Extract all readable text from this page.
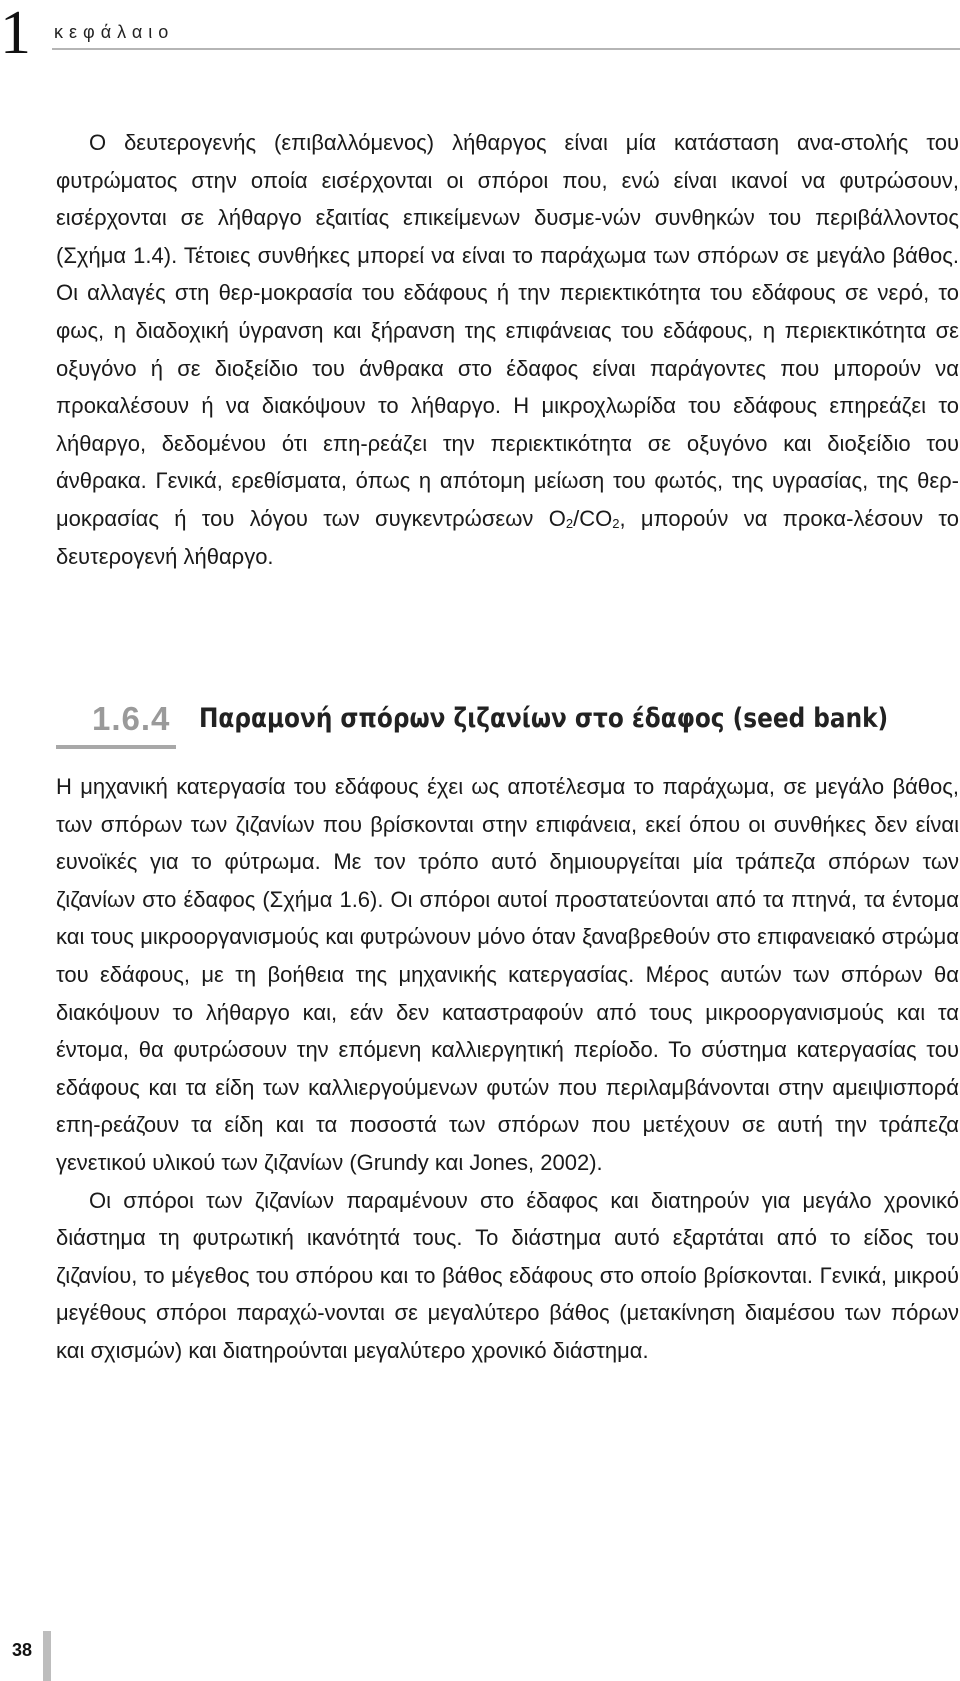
1 κεφάλαιο

Ο δευτερογενής (επιβαλλόμενος) λήθαργος είναι μία κατάσταση ανα-στολής του φυτρώματος στην οποία εισέρχονται οι σπόροι που, ενώ είναι ικανοί να φυτρώσουν, εισέρχονται σε λήθαργο εξαιτίας επικείμενων δυσμε-νών συνθηκών του περιβάλλοντος (Σχήμα 1.4). Τέτοιες συνθήκες μπορεί να είναι το παράχωμα των σπόρων σε μεγάλο βάθος. Οι αλλαγές στη θερ-μοκρασία του εδάφους ή την περιεκτικότητα του εδάφους σε νερό, το φως, η διαδοχική ύγρανση και ξήρανση της επιφάνειας του εδάφους, η περιεκτικότητα σε οξυγόνο ή σε διοξείδιο του άνθρακα στο έδαφος είναι παράγοντες που μπορούν να προκαλέσουν ή να διακόψουν το λήθαργο. Η μικροχλωρίδα του εδάφους επηρεάζει το λήθαργο, δεδομένου ότι επη-ρεάζει την περιεκτικότητα σε οξυγόνο και διοξείδιο του άνθρακα. Γενικά, ερεθίσματα, όπως η απότομη μείωση του φωτός, της υγρασίας, της θερ-μοκρασίας ή του λόγου των συγκεντρώσεων $O_2/CO_2$, μπορούν να προκα-λέσουν το δευτερογενή λήθαργο.

1.6.4 Παραμονή σπόρων ζιζανίων στο έδαφος (seed bank)

Η μηχανική κατεργασία του εδάφους έχει ως αποτέλεσμα το παράχωμα, σε μεγάλο βάθος, των σπόρων των ζιζανίων που βρίσκονται στην επιφάνεια, εκεί όπου οι συνθήκες δεν είναι ευνοϊκές για το φύτρωμα. Με τον τρόπο αυτό δημιουργείται μία τράπεζα σπόρων των ζιζανίων στο έδαφος (Σχήμα 1.6). Οι σπόροι αυτοί προστατεύονται από τα πτηνά, τα έντομα και τους μικροοργανισμούς και φυτρώνουν μόνο όταν ξαναβρεθούν στο επιφανειακό στρώμα του εδάφους, με τη βοήθεια της μηχανικής κατεργασίας. Μέρος αυτών των σπόρων θα διακόψουν το λήθαργο και, εάν δεν καταστραφούν από τους μικροοργανισμούς και τα έντομα, θα φυτρώσουν την επόμενη καλλιεργητική περίοδο. Το σύστημα κατεργασίας του εδάφους και τα είδη των καλλιεργούμενων φυτών που περιλαμβάνονται στην αμειψισπορά επη-ρεάζουν τα είδη και τα ποσοστά των σπόρων που μετέχουν σε αυτή την τράπεζα γενετικού υλικού των ζιζανίων (Grundy και Jones, 2002).

Οι σπόροι των ζιζανίων παραμένουν στο έδαφος και διατηρούν για μεγάλο χρονικό διάστημα τη φυτρωτική ικανότητά τους. Το διάστημα αυτό εξαρτάται από το είδος του ζιζανίου, το μέγεθος του σπόρου και το βάθος εδάφους στο οποίο βρίσκονται. Γενικά, μικρού μεγέθους σπόροι παραχώ-νονται σε μεγαλύτερο βάθος (μετακίνηση διαμέσου των πόρων και σχισμών) και διατηρούνται μεγαλύτερο χρονικό διάστημα.

38
